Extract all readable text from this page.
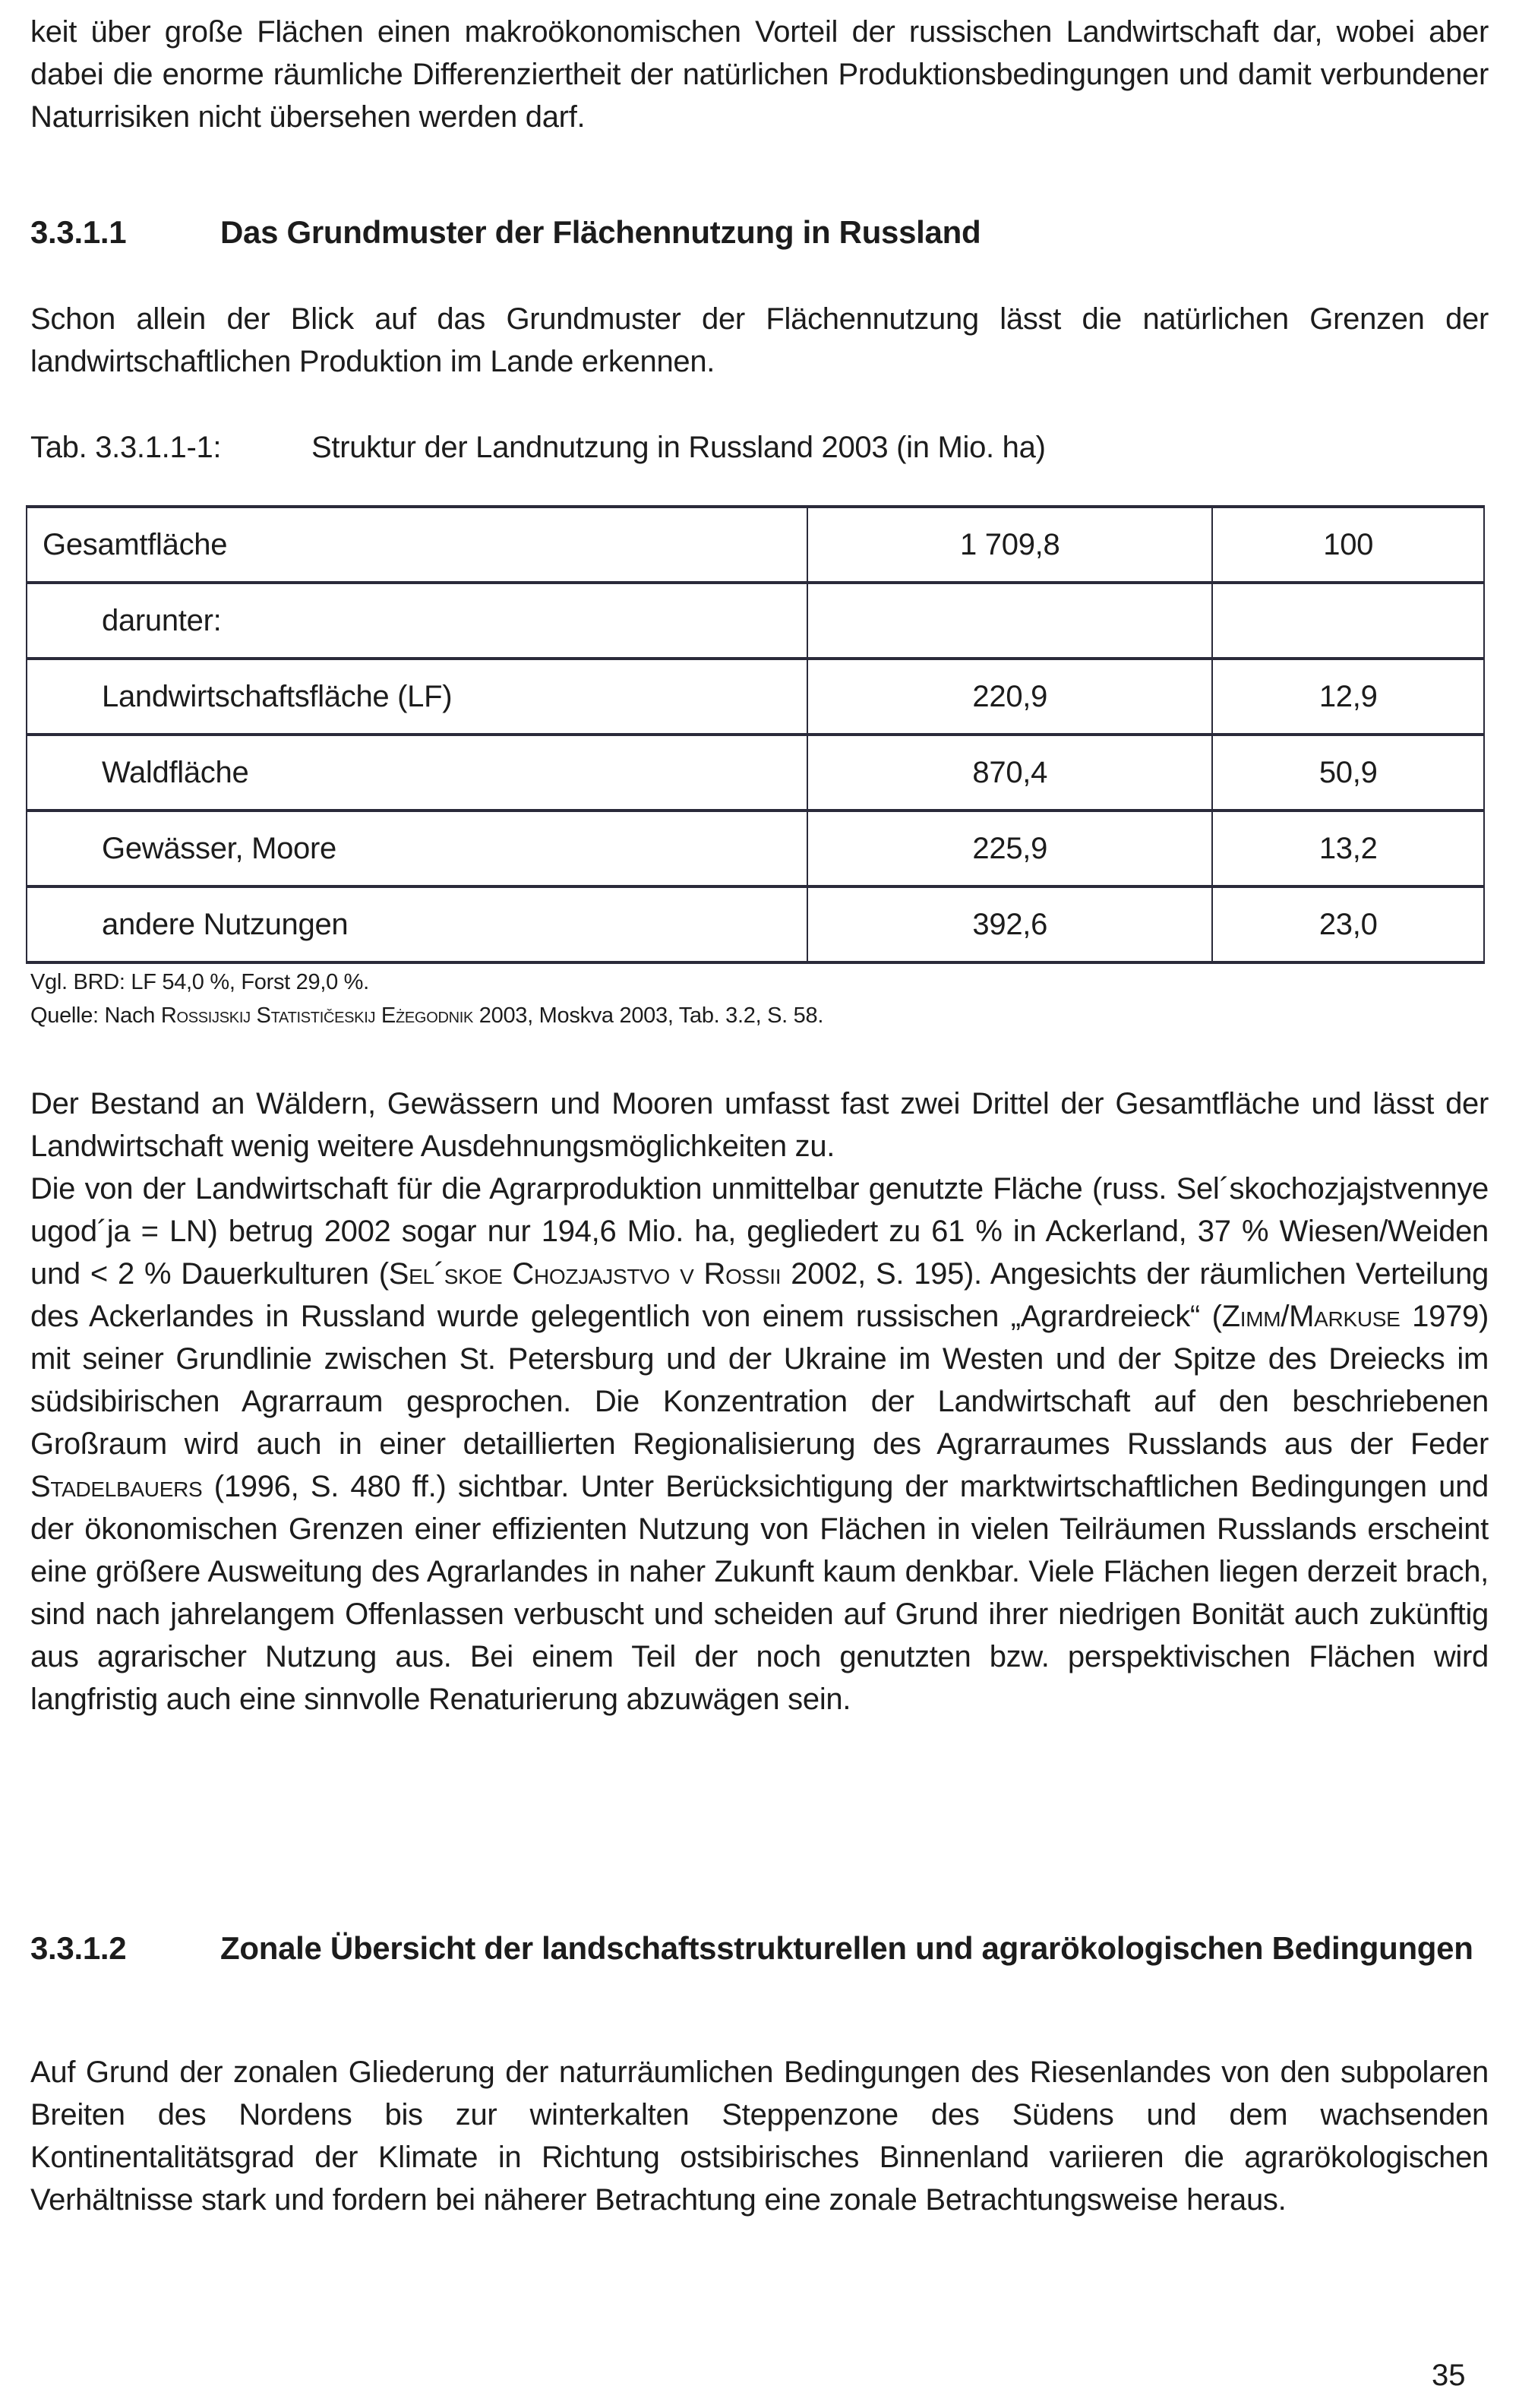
keit über große Flächen einen makroökonomischen Vorteil der russischen Landwirtschaft dar, wobei aber dabei die enorme räumliche Differenziertheit der natürlichen Produktionsbedingungen und damit verbundener Naturrisiken nicht übersehen werden darf.

3.3.1.1	Das Grundmuster der Flächennutzung in Russland

Schon allein der Blick auf das Grundmuster der Flächennutzung lässt die natürlichen Grenzen der landwirtschaftlichen Produktion im Lande erkennen.

Tab. 3.3.1.1-1:	Struktur der Landnutzung in Russland 2003 (in Mio. ha)
Gesamtfläche	1 709,8	100
darunter:		
Landwirtschaftsfläche (LF)	220,9	12,9
Waldfläche	870,4	50,9
Gewässer, Moore	225,9	13,2
andere Nutzungen	392,6	23,0

Vgl. BRD: LF 54,0 %, Forst 29,0 %.

Quelle: Nach Rossijskij Statističeskij Eżegodnik 2003, Moskva 2003, Tab. 3.2, S. 58.

Der Bestand an Wäldern, Gewässern und Mooren umfasst fast zwei Drittel der Gesamtfläche und lässt der Landwirtschaft wenig weitere Ausdehnungsmöglichkeiten zu.

Die von der Landwirtschaft für die Agrarproduktion unmittelbar genutzte Fläche (russ. Sel´skochozjajstvennye ugod´ja = LN) betrug 2002 sogar nur 194,6 Mio. ha, gegliedert zu 61 % in Ackerland, 37 % Wiesen/Weiden und < 2 % Dauerkulturen (Sel´skoe Chozjajstvo v Rossii 2002, S. 195). Angesichts der räumlichen Verteilung des Ackerlandes in Russland wurde gelegentlich von einem russischen „Agrardreieck“ (Zimm/Markuse 1979) mit seiner Grundlinie zwischen St. Petersburg und der Ukraine im Westen und der Spitze des Dreiecks im südsibirischen Agrarraum gesprochen. Die Konzentration der Landwirtschaft auf den beschriebenen Großraum wird auch in einer detaillierten Regionalisierung des Agrarraumes Russlands aus der Feder Stadelbauers (1996, S. 480 ff.) sichtbar. Unter Berücksichtigung der marktwirtschaftlichen Bedingungen und der ökonomischen Grenzen einer effizienten Nutzung von Flächen in vielen Teilräumen Russlands erscheint eine größere Ausweitung des Agrarlandes in naher Zukunft kaum denkbar. Viele Flächen liegen derzeit brach, sind nach jahrelangem Offenlassen verbuscht und scheiden auf Grund ihrer niedrigen Bonität auch zukünftig aus agrarischer Nutzung aus. Bei einem Teil der noch genutzten bzw. perspektivischen Flächen wird langfristig auch eine sinnvolle Renaturierung abzuwägen sein.

3.3.1.2	Zonale Übersicht der landschaftsstrukturellen und agrarökologischen Bedingungen

Auf Grund der zonalen Gliederung der naturräumlichen Bedingungen des Riesenlandes von den subpolaren Breiten des Nordens bis zur winterkalten Steppenzone des Südens und dem wachsenden Kontinentalitätsgrad der Klimate in Richtung ostsibirisches Binnenland variieren die agrarökologischen Verhältnisse stark und fordern bei näherer Betrachtung eine zonale Betrachtungsweise heraus.

35
